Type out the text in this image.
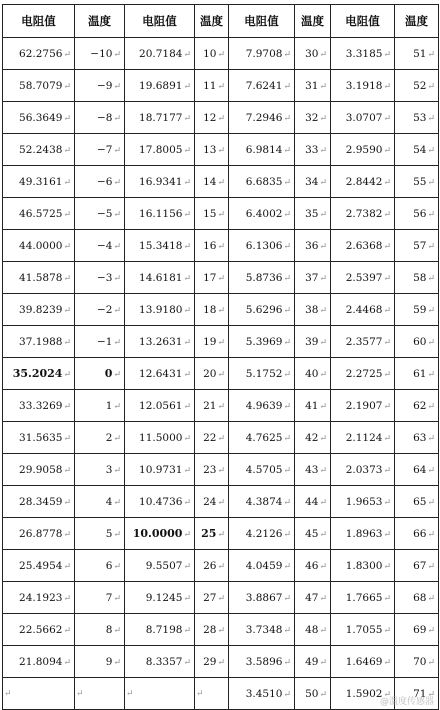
电阻值	温度	电阻值	温度	电阻值	温度	电阻值	温度
62.2756↵	−10↵	20.7184↵	10↵	7.9708↵	30↵	3.3185↵	51↵
58.7079↵	−9↵	19.6891↵	11↵	7.6241↵	31↵	3.1918↵	52↵
56.3649↵	−8↵	18.7177↵	12↵	7.2946↵	32↵	3.0707↵	53↵
52.2438↵	−7↵	17.8005↵	13↵	6.9814↵	33↵	2.9590↵	54↵
49.3161↵	−6↵	16.9341↵	14↵	6.6835↵	34↵	2.8442↵	55↵
46.5725↵	−5↵	16.1156↵	15↵	6.4002↵	35↵	2.7382↵	56↵
44.0000↵	−4↵	15.3418↵	16↵	6.1306↵	36↵	2.6368↵	57↵
41.5878↵	−3↵	14.6181↵	17↵	5.8736↵	37↵	2.5397↵	58↵
39.8239↵	−2↵	13.9180↵	18↵	5.6296↵	38↵	2.4468↵	59↵
37.1988↵	−1↵	13.2631↵	19↵	5.3969↵	39↵	2.3577↵	60↵
35.2024↵	0↵	12.6431↵	20↵	5.1752↵	40↵	2.2725↵	61↵
33.3269↵	1↵	12.0561↵	21↵	4.9639↵	41↵	2.1907↵	62↵
31.5635↵	2↵	11.5000↵	22↵	4.7625↵	42↵	2.1124↵	63↵
29.9058↵	3↵	10.9731↵	23↵	4.5705↵	43↵	2.0373↵	64↵
28.3459↵	4↵	10.4736↵	24↵	4.3874↵	44↵	1.9653↵	65↵
26.8778↵	5↵	10.0000↵	25↵	4.2126↵	45↵	1.8963↵	66↵
25.4954↵	6↵	9.5507↵	26↵	4.0459↵	46↵	1.8300↵	67↵
24.1923↵	7↵	9.1245↵	27↵	3.8867↵	47↵	1.7665↵	68↵
22.5662↵	8↵	8.7198↵	28↵	3.7348↵	48↵	1.7055↵	69↵
21.8094↵	9↵	8.3357↵	29↵	3.5896↵	49↵	1.6469↵	70↵
↵	↵	↵	↵	3.4510↵	50↵	1.5902↵	71↵
@温度传感器
